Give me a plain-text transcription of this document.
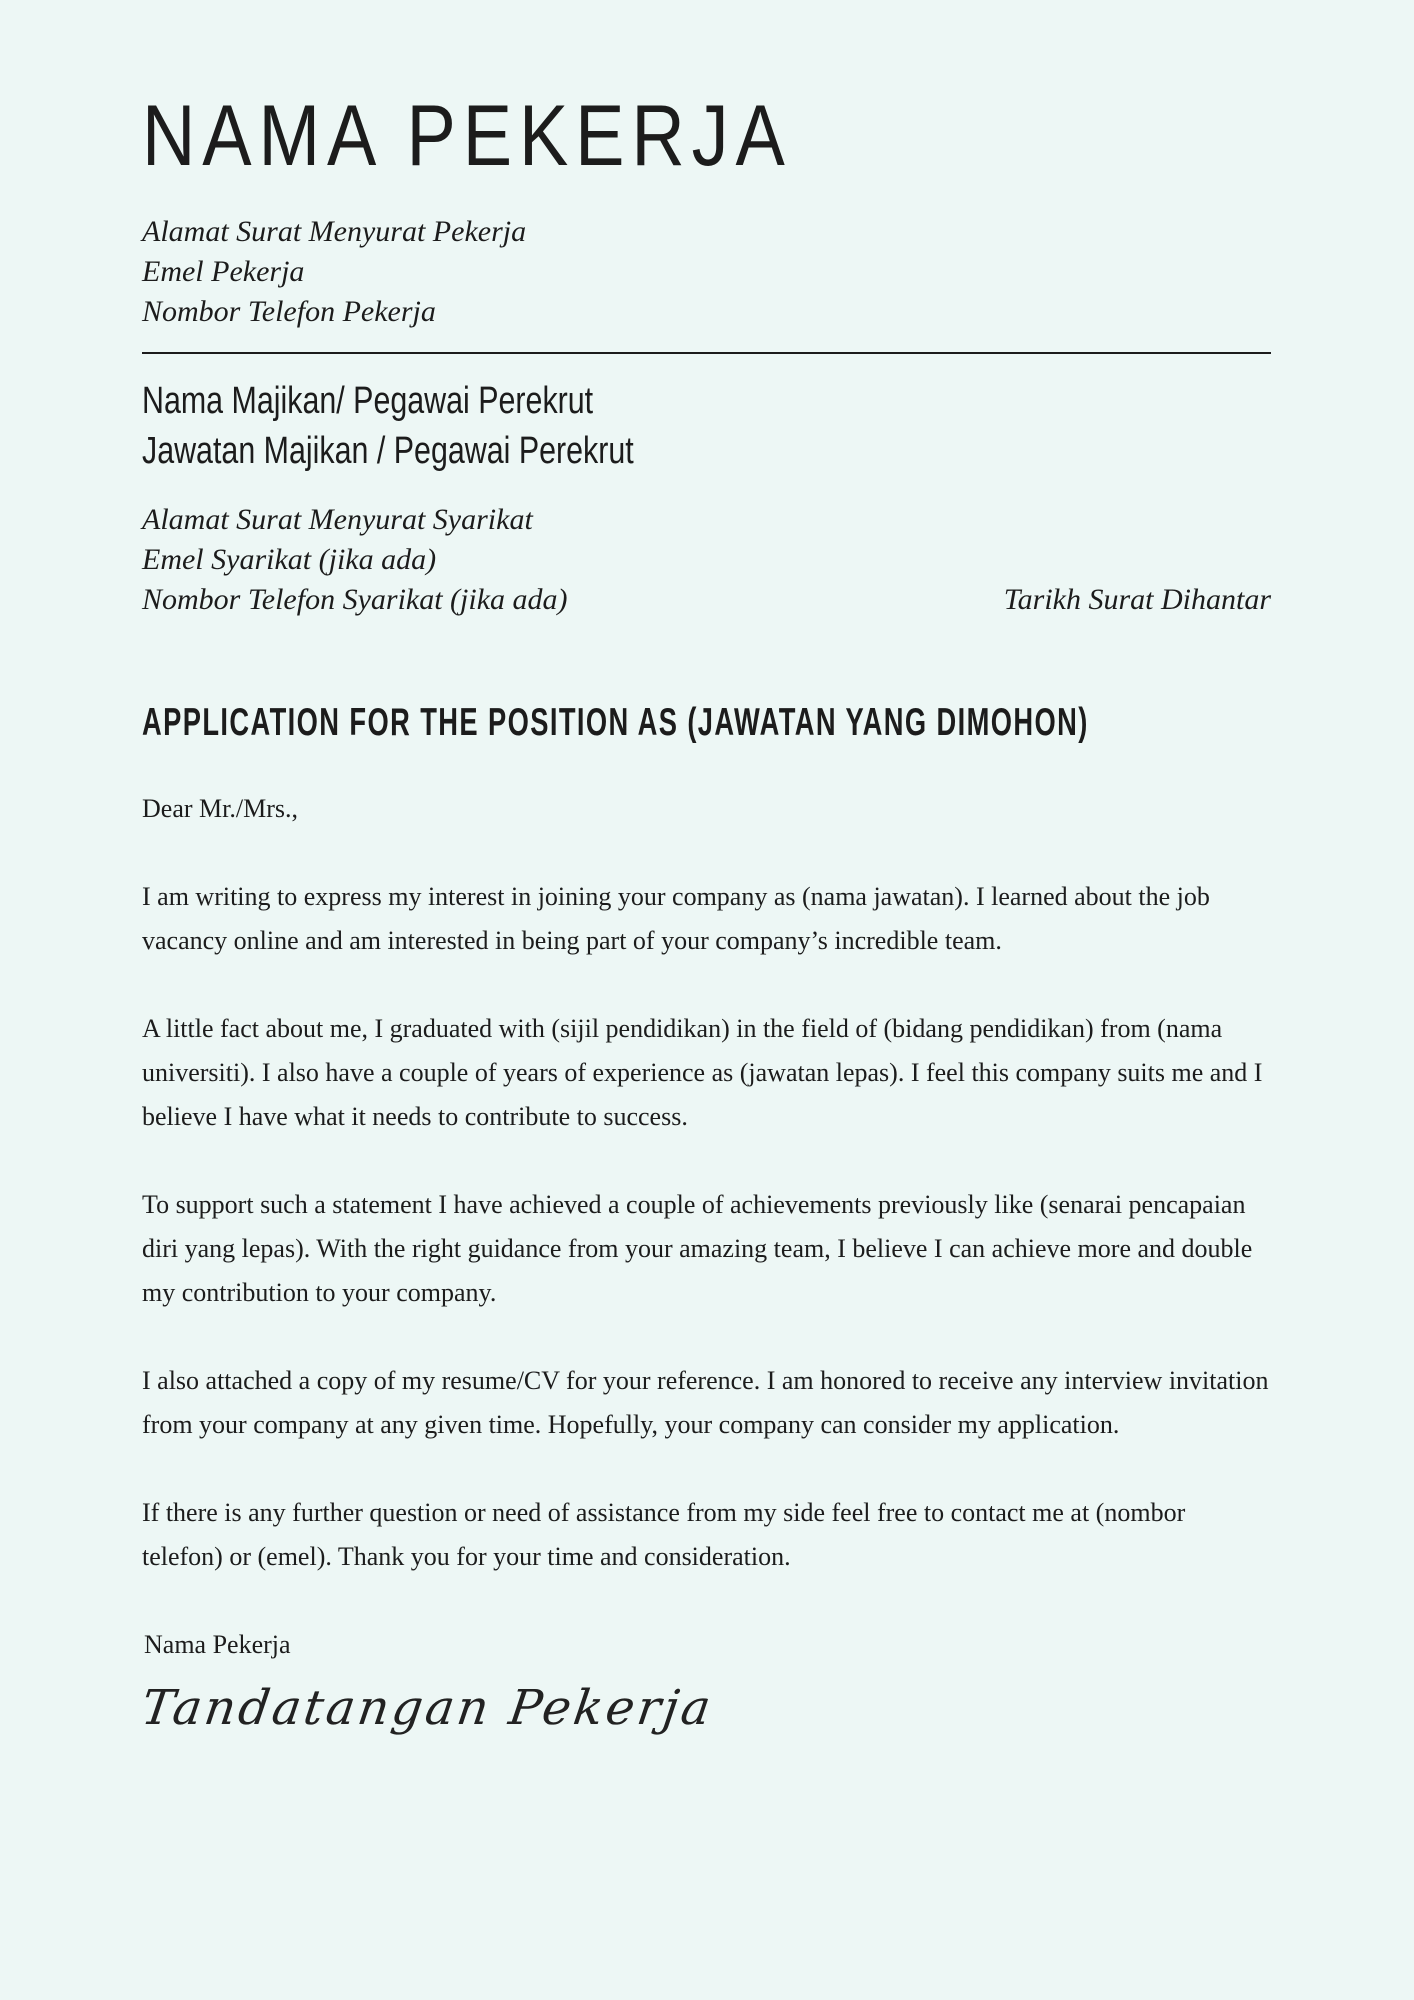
NAMA PEKERJA
Alamat Surat Menyurat Pekerja
Emel Pekerja
Nombor Telefon Pekerja
Nama Majikan/ Pegawai Perekrut
Jawatan Majikan / Pegawai Perekrut
Alamat Surat Menyurat Syarikat
Emel Syarikat (jika ada)
Nombor Telefon Syarikat (jika ada)	Tarikh Surat Dihantar
APPLICATION FOR THE POSITION AS (JAWATAN YANG DIMOHON)

Dear Mr./Mrs.,

I am writing to express my interest in joining your company as (nama jawatan). I learned about the job vacancy online and am interested in being part of your company’s incredible team.

A little fact about me, I graduated with (sijil pendidikan) in the field of (bidang pendidikan) from (nama universiti). I also have a couple of years of experience as (jawatan lepas). I feel this company suits me and I believe I have what it needs to contribute to success.

To support such a statement I have achieved a couple of achievements previously like (senarai pencapaian diri yang lepas). With the right guidance from your amazing team, I believe I can achieve more and double my contribution to your company.

I also attached a copy of my resume/CV for your reference. I am honored to receive any interview invitation from your company at any given time. Hopefully, your company can consider my application.

If there is any further question or need of assistance from my side feel free to contact me at (nombor telefon) or (emel). Thank you for your time and consideration.

Nama Pekerja
Tandatangan Pekerja
